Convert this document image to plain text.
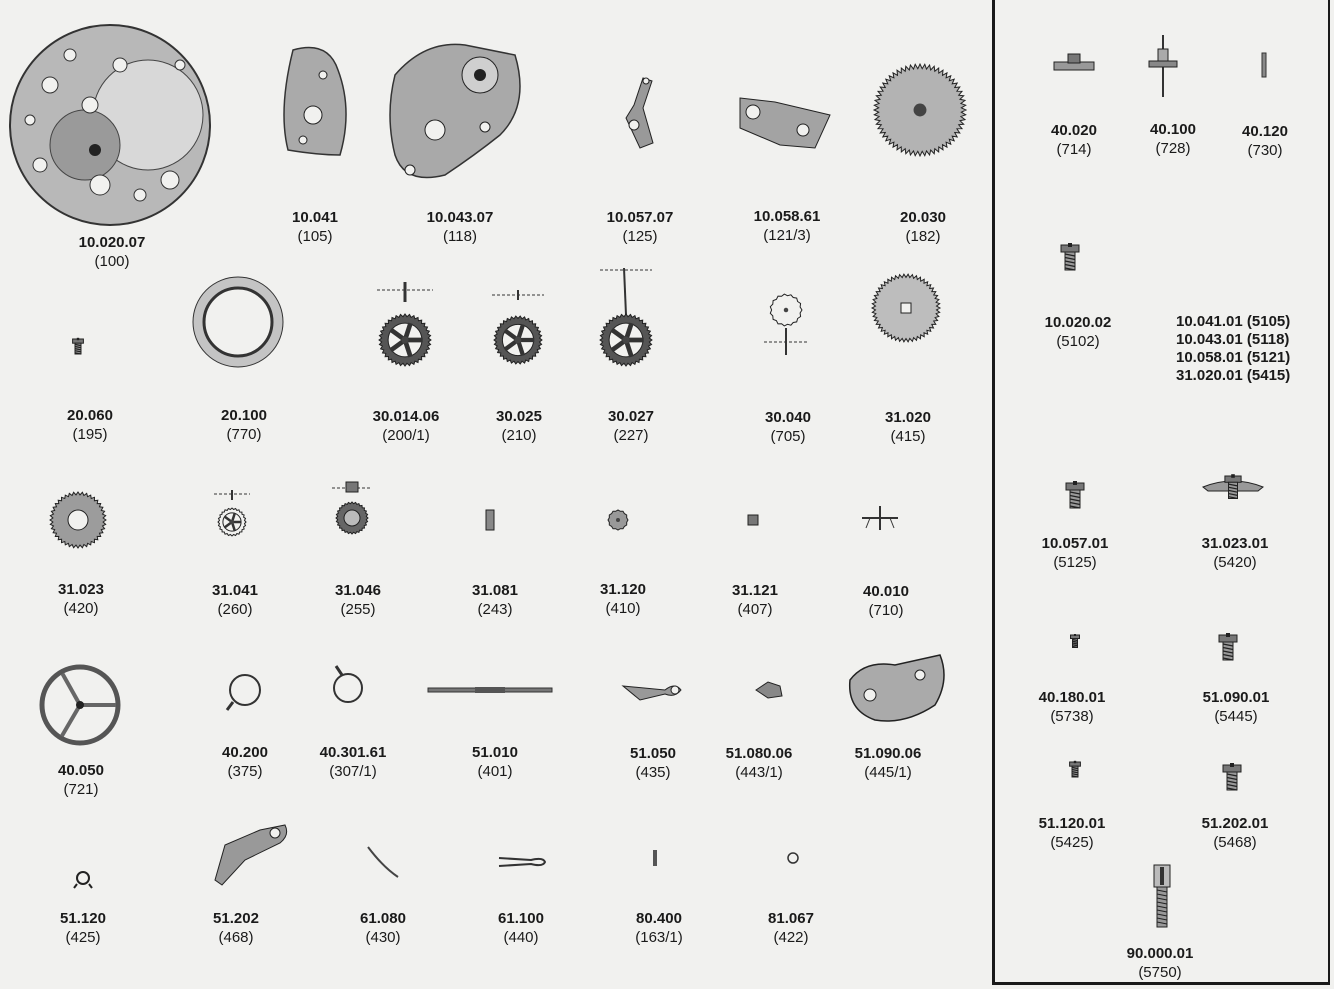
10.020.07
(100)
10.041
(105)
10.043.07
(118)
10.057.07
(125)
10.058.61
(121/3)
20.030
(182)
20.060
(195)
20.100
(770)
30.014.06
(200/1)
30.025
(210)
30.027
(227)
30.040
(705)
31.020
(415)
31.023
(420)
31.041
(260)
31.046
(255)
31.081
(243)
31.120
(410)
31.121
(407)
40.010
(710)
40.050
(721)
40.200
(375)
40.301.61
(307/1)
51.010
(401)
51.050
(435)
51.080.06
(443/1)
51.090.06
(445/1)
51.120
(425)
51.202
(468)
61.080
(430)
61.100
(440)
80.400
(163/1)
81.067
(422)
40.020
(714)
40.100
(728)
40.120
(730)
10.020.02
(5102)
10.057.01
(5125)
31.023.01
(5420)
40.180.01
(5738)
51.090.01
(5445)
51.120.01
(5425)
51.202.01
(5468)
90.000.01
(5750)
10.041.01 (5105)
10.043.01 (5118)
10.058.01 (5121)
31.020.01 (5415)
